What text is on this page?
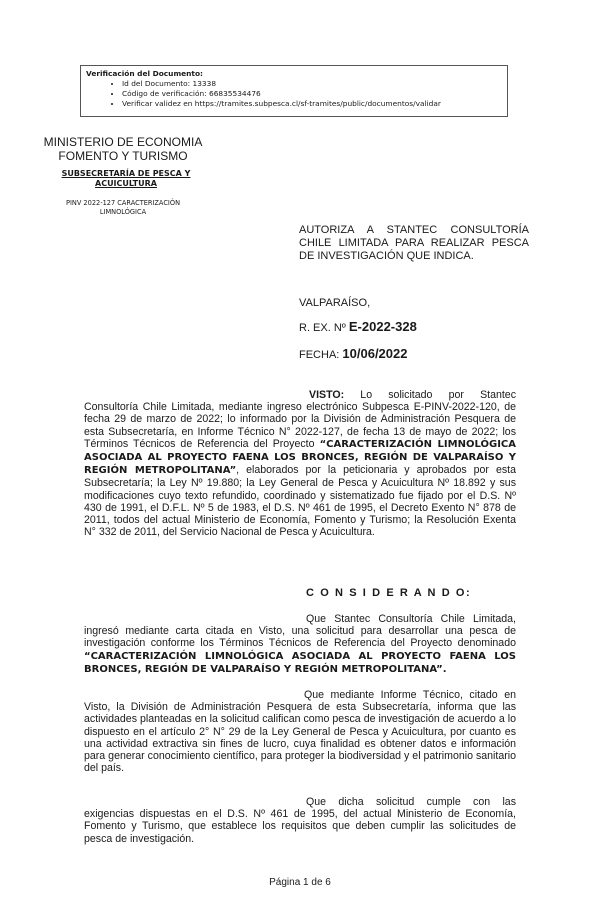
Verificación del Documento:
• Id del Documento: 13338
• Código de verificación: 66835534476
• Verificar validez en https://tramites.subpesca.cl/sf-tramites/public/documentos/validar
MINISTERIO DE ECONOMIA
FOMENTO Y TURISMO
SUBSECRETARÍA DE PESCA Y ACUICULTURA
PINV 2022-127 CARACTERIZACIÓN LIMNOLÓGICA
AUTORIZA A STANTEC CONSULTORÍA CHILE LIMITADA PARA REALIZAR PESCA DE INVESTIGACIÓN QUE INDICA.
VALPARAÍSO,
R. EX. Nº E-2022-328
FECHA: 10/06/2022
VISTO: Lo solicitado por Stantec Consultoría Chile Limitada, mediante ingreso electrónico Subpesca E-PINV-2022-120, de fecha 29 de marzo de 2022; lo informado por la División de Administración Pesquera de esta Subsecretaría, en Informe Técnico N° 2022-127, de fecha 13 de mayo de 2022; los Términos Técnicos de Referencia del Proyecto “CARACTERIZACIÓN LIMNOLÓGICA ASOCIADA AL PROYECTO FAENA LOS BRONCES, REGIÓN DE VALPARAÍSO Y REGIÓN METROPOLITANA”, elaborados por la peticionaria y aprobados por esta Subsecretaría; la Ley Nº 19.880; la Ley General de Pesca y Acuicultura Nº 18.892 y sus modificaciones cuyo texto refundido, coordinado y sistematizado fue fijado por el D.S. Nº 430 de 1991, el D.F.L. Nº 5 de 1983, el D.S. Nº 461 de 1995, el Decreto Exento N° 878 de 2011, todos del actual Ministerio de Economía, Fomento y Turismo; la Resolución Exenta N° 332 de 2011, del Servicio Nacional de Pesca y Acuicultura.
C O N S I D E R A N D O:
Que Stantec Consultoría Chile Limitada, ingresó mediante carta citada en Visto, una solicitud para desarrollar una pesca de investigación conforme los Términos Técnicos de Referencia del Proyecto denominado “CARACTERIZACIÓN LIMNOLÓGICA ASOCIADA AL PROYECTO FAENA LOS BRONCES, REGIÓN DE VALPARAÍSO Y REGIÓN METROPOLITANA”.
Que mediante Informe Técnico, citado en Visto, la División de Administración Pesquera de esta Subsecretaría, informa que las actividades planteadas en la solicitud califican como pesca de investigación de acuerdo a lo dispuesto en el artículo 2° N° 29 de la Ley General de Pesca y Acuicultura, por cuanto es una actividad extractiva sin fines de lucro, cuya finalidad es obtener datos e información para generar conocimiento científico, para proteger la biodiversidad y el patrimonio sanitario del país.
Que dicha solicitud cumple con las exigencias dispuestas en el D.S. Nº 461 de 1995, del actual Ministerio de Economía, Fomento y Turismo, que establece los requisitos que deben cumplir las solicitudes de pesca de investigación.
Página 1 de 6
